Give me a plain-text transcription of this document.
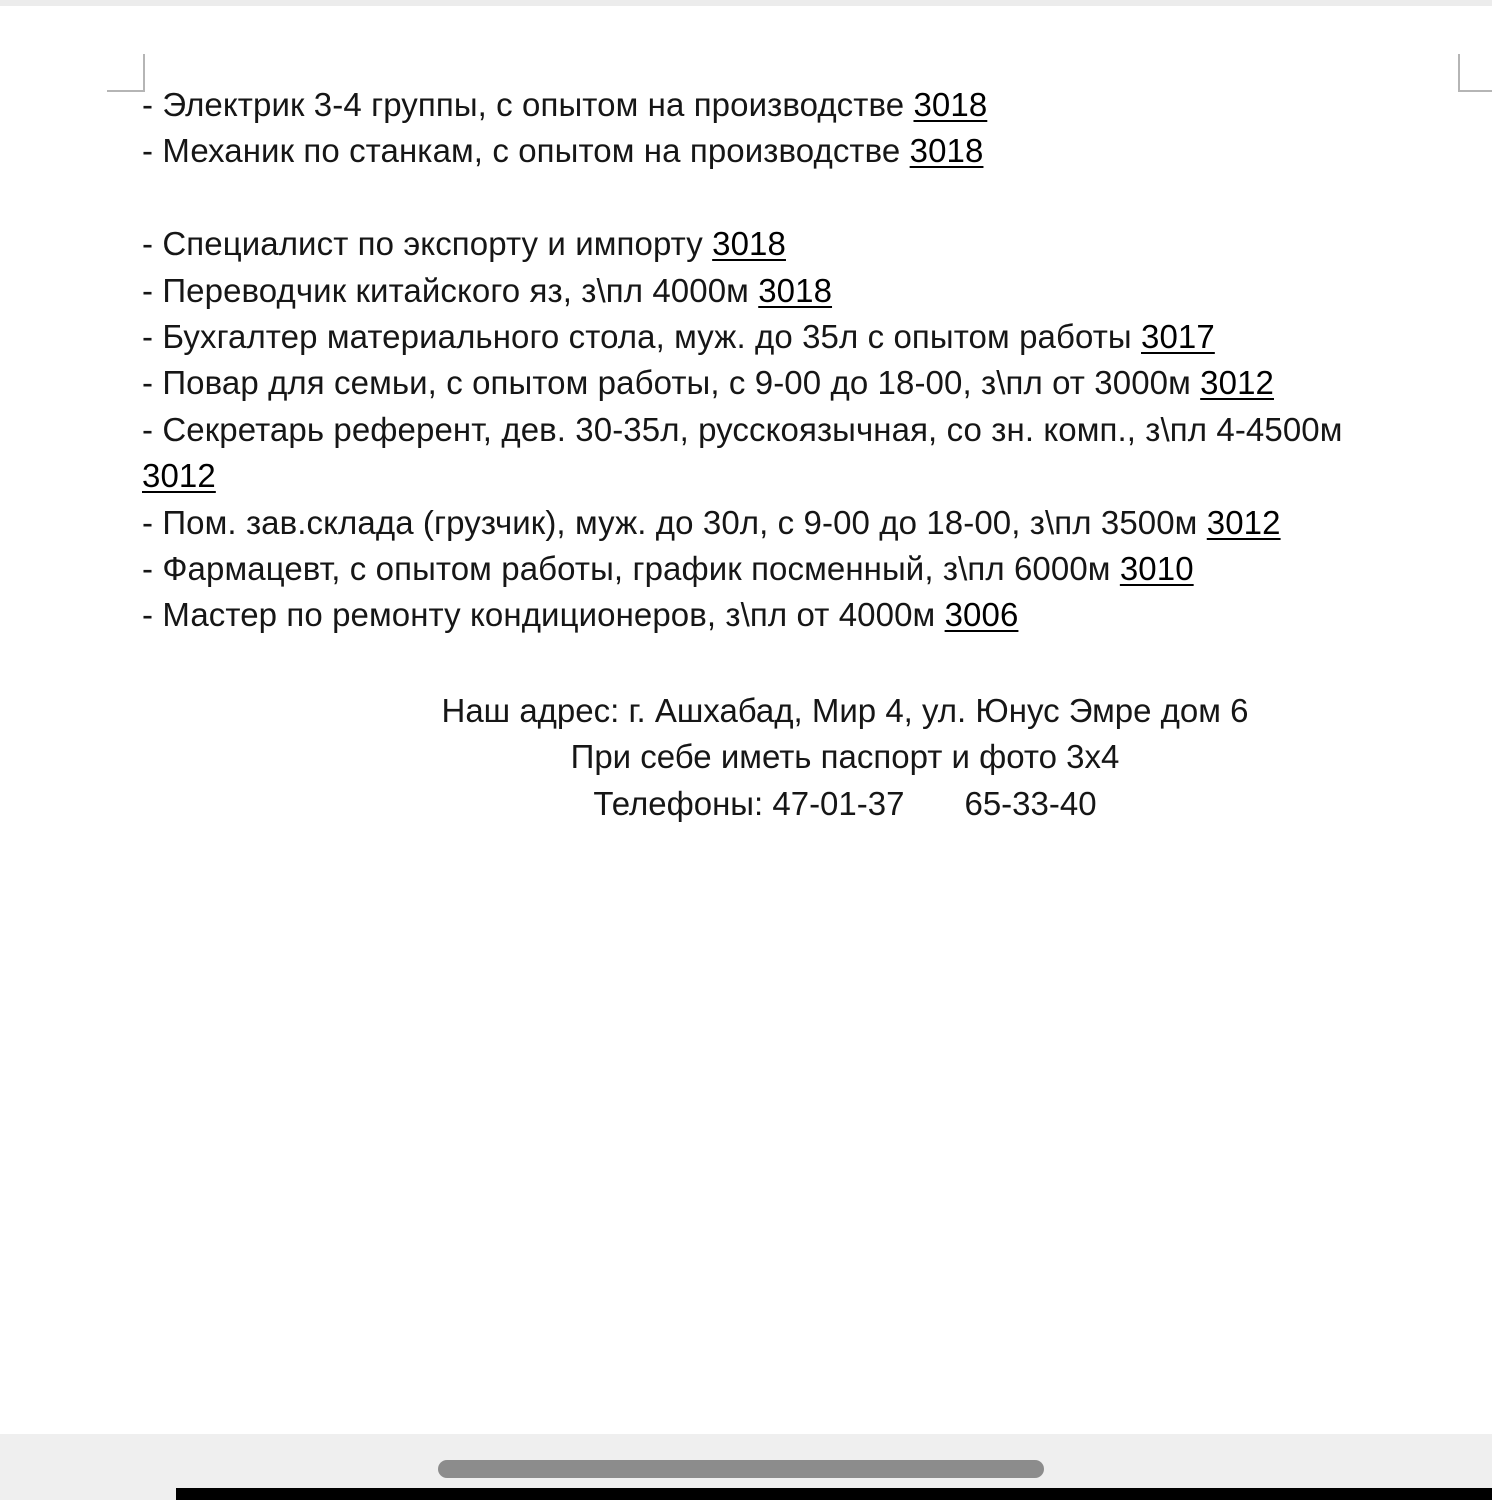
- Электрик 3-4 группы, с опытом на производстве 3018
- Механик по станкам, с опытом на производстве 3018
- Специалист по экспорту и импорту 3018
- Переводчик китайского яз, з\пл 4000м 3018
- Бухгалтер материального стола, муж. до 35л с опытом работы 3017
- Повар для семьи, с опытом работы, с 9-00 до 18-00, з\пл от 3000м 3012
- Секретарь референт, дев. 30-35л, русскоязычная, со зн. комп., з\пл 4-4500м
3012
- Пом. зав.склада (грузчик), муж. до 30л, с 9-00 до 18-00, з\пл 3500м 3012
- Фармацевт, с опытом работы, график посменный, з\пл 6000м 3010
- Мастер по ремонту кондиционеров, з\пл от 4000м 3006
Наш адрес: г. Ашхабад, Мир 4, ул. Юнус Эмре дом 6
При себе иметь паспорт и фото 3х4
Телефоны: 47-01-37 65-33-40
